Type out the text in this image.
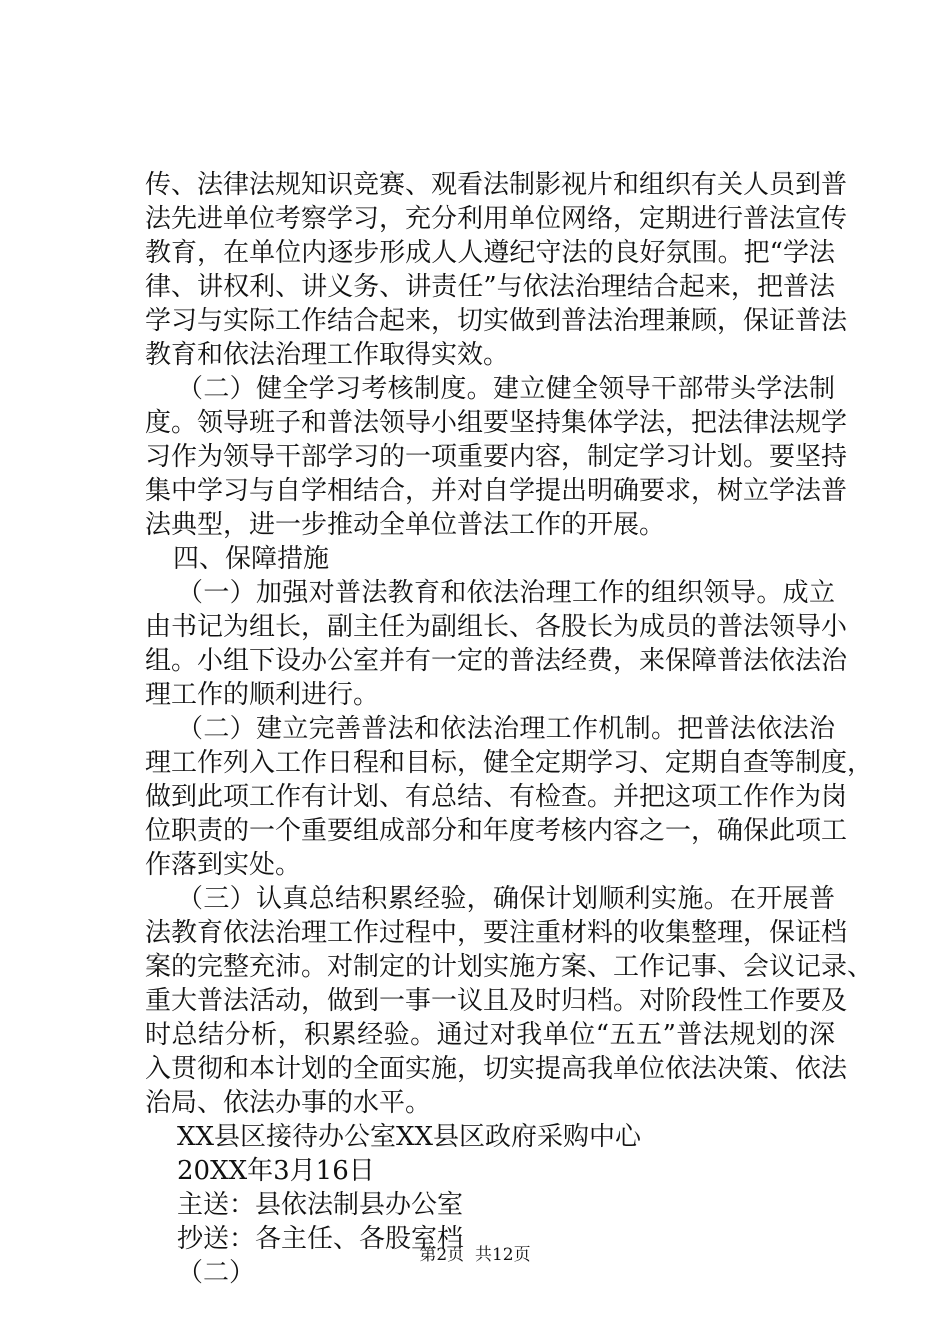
传、法律法规知识竞赛、观看法制影视片和组织有关人员到普
法先进单位考察学习，充分利用单位网络，定期进行普法宣传
教育，在单位内逐步形成人人遵纪守法的良好氛围。把“学法
律、讲权利、讲义务、讲责任”与依法治理结合起来，把普法
学习与实际工作结合起来，切实做到普法治理兼顾，保证普法
教育和依法治理工作取得实效。
（二）健全学习考核制度。建立健全领导干部带头学法制
度。领导班子和普法领导小组要坚持集体学法，把法律法规学
习作为领导干部学习的一项重要内容，制定学习计划。要坚持
集中学习与自学相结合，并对自学提出明确要求，树立学法普
法典型，进一步推动全单位普法工作的开展。
四、保障措施
（一）加强对普法教育和依法治理工作的组织领导。成立
由书记为组长，副主任为副组长、各股长为成员的普法领导小
组。小组下设办公室并有一定的普法经费，来保障普法依法治
理工作的顺利进行。
（二）建立完善普法和依法治理工作机制。把普法依法治
理工作列入工作日程和目标，健全定期学习、定期自查等制度，
做到此项工作有计划、有总结、有检查。并把这项工作作为岗
位职责的一个重要组成部分和年度考核内容之一，确保此项工
作落到实处。
（三）认真总结积累经验，确保计划顺利实施。在开展普
法教育依法治理工作过程中，要注重材料的收集整理，保证档
案的完整充沛。对制定的计划实施方案、工作记事、会议记录、
重大普法活动，做到一事一议且及时归档。对阶段性工作要及
时总结分析，积累经验。通过对我单位“五五”普法规划的深
入贯彻和本计划的全面实施，切实提高我单位依法决策、依法
治局、依法办事的水平。
XX县区接待办公室XX县区政府采购中心
20XX年3月16日
主送：县依法制县办公室
抄送：各主任、各股室档
（二）
第2页  共12页
